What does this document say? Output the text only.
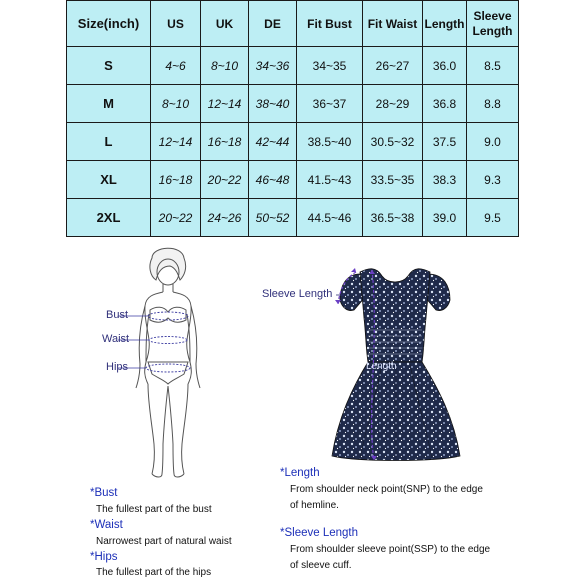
Size(inch)	US	UK	DE	Fit Bust	Fit Waist	Length	Sleeve
Length
S	4~6	8~10	34~36	34~35	26~27	36.0	8.5
M	8~10	12~14	38~40	36~37	28~29	36.8	8.8
L	12~14	16~18	42~44	38.5~40	30.5~32	37.5	9.0
XL	16~18	20~22	46~48	41.5~43	33.5~35	38.3	9.3
2XL	20~22	24~26	50~52	44.5~46	36.5~38	39.0	9.5
Bust
Waist
Hips
Sleeve Length
Length
*Bust
The fullest part of the bust
*Waist
Narrowest part of natural waist
*Hips
The fullest part of the hips
*Length
From shoulder neck point(SNP) to the edge
of hemline.
*Sleeve Length
From shoulder sleeve point(SSP) to the edge
of sleeve cuff.
